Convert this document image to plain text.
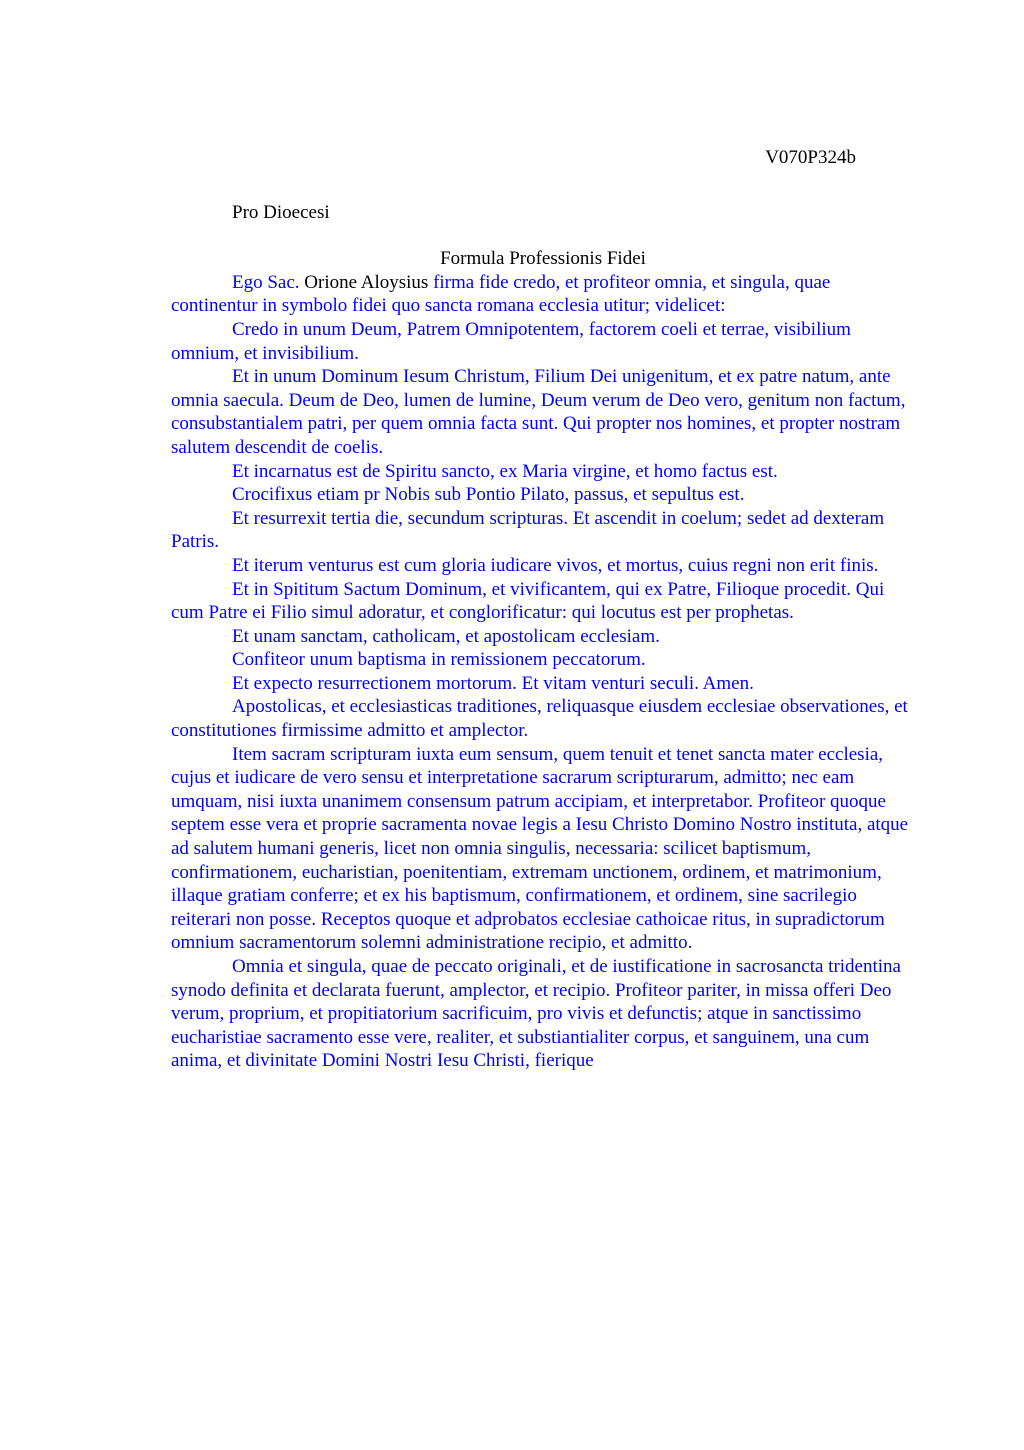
V070P324b

Pro Dioecesi

Formula Professionis Fidei

Ego Sac. Orione Aloysius firma fide credo, et profiteor omnia, et singula, quae continentur in symbolo fidei quo sancta romana ecclesia utitur; videlicet:

Credo in unum Deum, Patrem Omnipotentem, factorem coeli et terrae, visibilium omnium, et invisibilium.

Et in unum Dominum Iesum Christum, Filium Dei unigenitum, et ex patre natum, ante omnia saecula. Deum de Deo, lumen de lumine, Deum verum de Deo vero, genitum non factum, consubstantialem patri, per quem omnia facta sunt. Qui propter nos homines, et propter nostram salutem descendit de coelis.

Et incarnatus est de Spiritu sancto, ex Maria virgine, et homo factus est.

Crocifixus etiam pr Nobis sub Pontio Pilato, passus, et sepultus est.

Et resurrexit tertia die, secundum scripturas. Et ascendit in coelum; sedet ad dexteram Patris.

Et iterum venturus est cum gloria iudicare vivos, et mortus, cuius regni non erit finis.

Et in Spititum Sactum Dominum, et vivificantem, qui ex Patre, Filioque procedit. Qui cum Patre ei Filio simul adoratur, et conglorificatur: qui locutus est per prophetas.

Et unam sanctam, catholicam, et apostolicam ecclesiam.

Confiteor unum baptisma in remissionem peccatorum.

Et expecto resurrectionem mortorum. Et vitam venturi seculi. Amen.

Apostolicas, et ecclesiasticas traditiones, reliquasque eiusdem ecclesiae observationes, et constitutiones firmissime admitto et amplector.

Item sacram scripturam iuxta eum sensum, quem tenuit et tenet sancta mater ecclesia, cujus et iudicare de vero sensu et interpretatione sacrarum scripturarum, admitto; nec eam umquam, nisi iuxta unanimem consensum patrum accipiam, et interpretabor. Profiteor quoque septem esse vera et proprie sacramenta novae legis a Iesu Christo Domino Nostro instituta, atque ad salutem humani generis, licet non omnia singulis, necessaria: scilicet baptismum, confirmationem, eucharistian, poenitentiam, extremam unctionem, ordinem, et matrimonium, illaque gratiam conferre; et ex his baptismum, confirmationem, et ordinem, sine sacrilegio reiterari non posse. Receptos quoque et adprobatos ecclesiae cathoicae ritus, in supradictorum omnium sacramentorum solemni administratione recipio, et admitto.

Omnia et singula, quae de peccato originali, et de iustificatione in sacrosancta tridentina synodo definita et declarata fuerunt, amplector, et recipio. Profiteor pariter, in missa offeri Deo verum, proprium, et propitiatorium sacrificuim, pro vivis et defunctis; atque in sanctissimo eucharistiae sacramento esse vere, realiter, et substiantialiter corpus, et sanguinem, una cum anima, et divinitate Domini Nostri Iesu Christi, fierique
